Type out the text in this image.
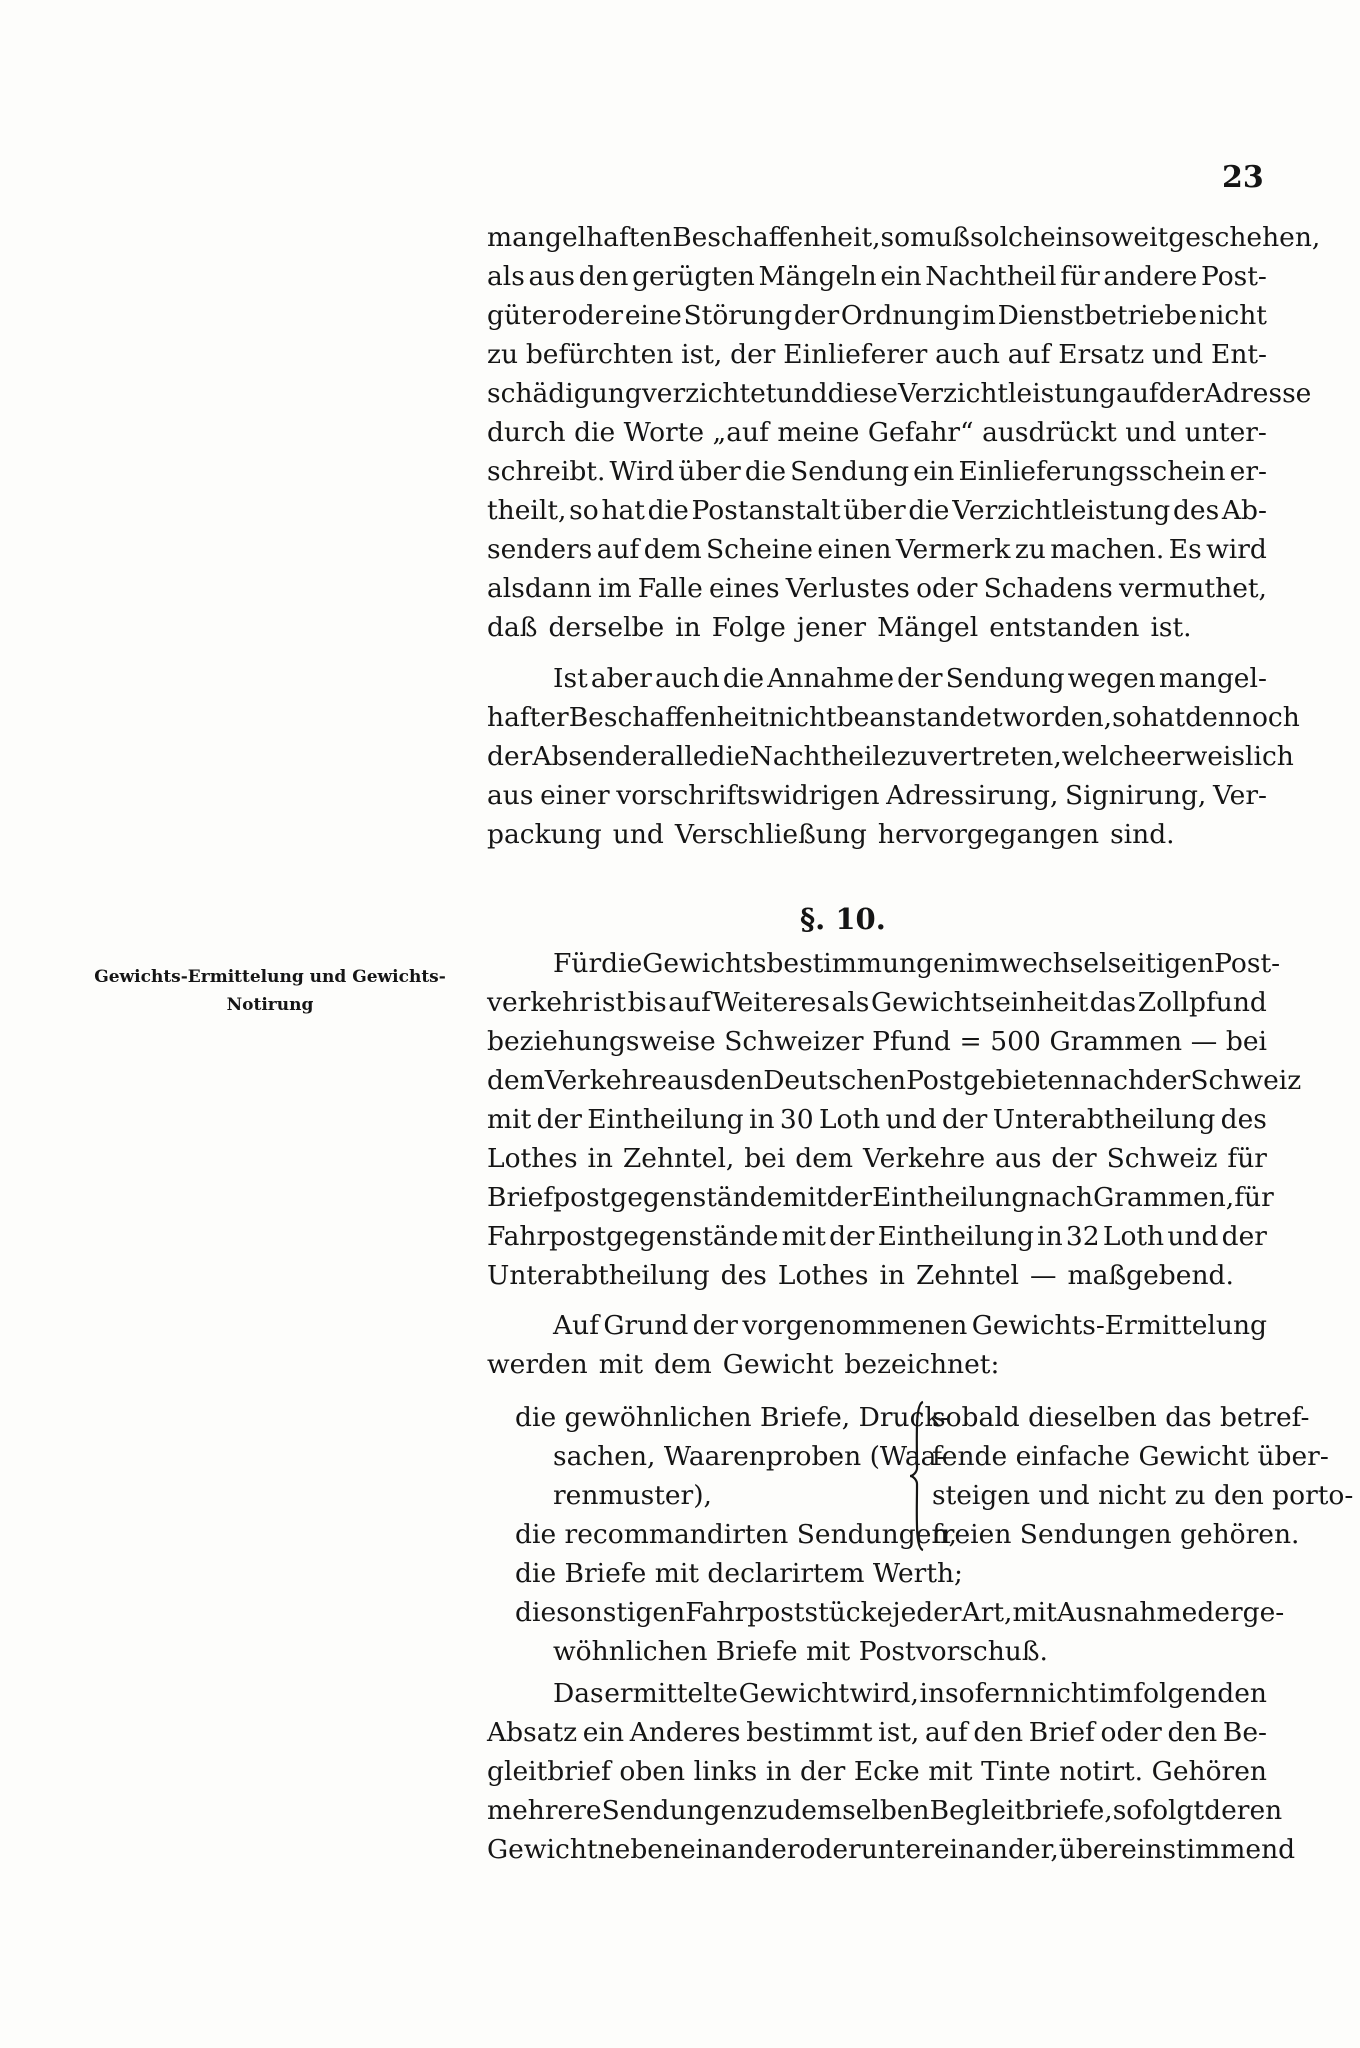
23
mangelhaften Beschaffenheit, so muß solche insoweit geschehen,
als aus den gerügten Mängeln ein Nachtheil für andere Post-
güter oder eine Störung der Ordnung im Dienstbetriebe nicht
zu befürchten ist, der Einlieferer auch auf Ersatz und Ent-
schädigung verzichtet und diese Verzichtleistung auf der Adresse
durch die Worte „auf meine Gefahr“ ausdrückt und unter-
schreibt. Wird über die Sendung ein Einlieferungsschein er-
theilt, so hat die Postanstalt über die Verzichtleistung des Ab-
senders auf dem Scheine einen Vermerk zu machen. Es wird
alsdann im Falle eines Verlustes oder Schadens vermuthet,
daß derselbe in Folge jener Mängel entstanden ist.
Ist aber auch die Annahme der Sendung wegen mangel-
hafter Beschaffenheit nicht beanstandet worden, so hat dennoch
der Absender alle die Nachtheile zu vertreten, welche erweislich
aus einer vorschriftswidrigen Adressirung, Signirung, Ver-
packung und Verschließung hervorgegangen sind.
§. 10.
Gewichts-Ermittelung und Gewichts-
Notirung
Für die Gewichtsbestimmungen im wechselseitigen Post-
verkehr ist bis auf Weiteres als Gewichtseinheit das Zollpfund
beziehungsweise Schweizer Pfund = 500 Grammen — bei
dem Verkehre aus den Deutschen Postgebieten nach der Schweiz
mit der Eintheilung in 30 Loth und der Unterabtheilung des
Lothes in Zehntel, bei dem Verkehre aus der Schweiz für
Briefpostgegenstände mit der Eintheilung nach Grammen, für
Fahrpostgegenstände mit der Eintheilung in 32 Loth und der
Unterabtheilung des Lothes in Zehntel — maßgebend.
Auf Grund der vorgenommenen Gewichts-Ermittelung
werden mit dem Gewicht bezeichnet:
die gewöhnlichen Briefe, Druck-
sobald dieselben das betref-
sachen, Waarenproben (Waa-
fende einfache Gewicht über-
renmuster),	steigen und nicht zu den porto-
die recommandirten Sendungen,
freien Sendungen gehören.
die Briefe mit declarirtem Werth;
die sonstigen Fahrpoststücke jeder Art, mit Ausnahme der ge-
wöhnlichen Briefe mit Postvorschuß.
Das ermittelte Gewicht wird, insofern nicht im folgenden
Absatz ein Anderes bestimmt ist, auf den Brief oder den Be-
gleitbrief oben links in der Ecke mit Tinte notirt. Gehören
mehrere Sendungen zu demselben Begleitbriefe, so folgt deren
Gewicht neben einander oder unter einander, übereinstimmend
